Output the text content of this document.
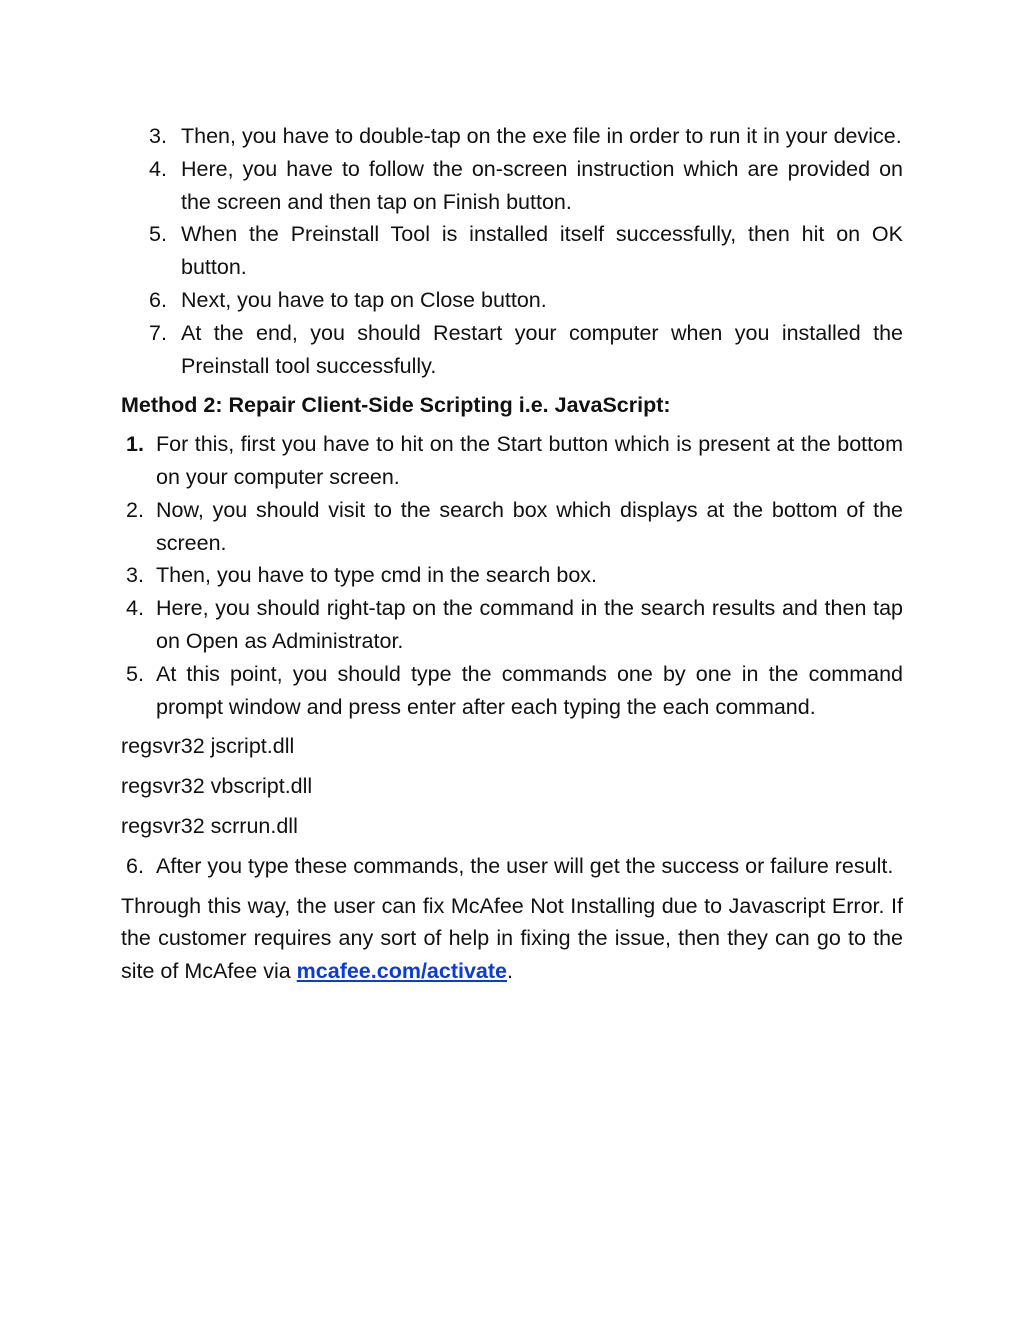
3. Then, you have to double-tap on the exe file in order to run it in your device.
4. Here, you have to follow the on-screen instruction which are provided on the screen and then tap on Finish button.
5. When the Preinstall Tool is installed itself successfully, then hit on OK button.
6. Next, you have to tap on Close button.
7. At the end, you should Restart your computer when you installed the Preinstall tool successfully.
Method 2: Repair Client-Side Scripting i.e. JavaScript:
1. For this, first you have to hit on the Start button which is present at the bottom on your computer screen.
2. Now, you should visit to the search box which displays at the bottom of the screen.
3. Then, you have to type cmd in the search box.
4. Here, you should right-tap on the command in the search results and then tap on Open as Administrator.
5. At this point, you should type the commands one by one in the command prompt window and press enter after each typing the each command.
regsvr32 jscript.dll
regsvr32 vbscript.dll
regsvr32 scrrun.dll
6. After you type these commands, the user will get the success or failure result.

Through this way, the user can fix McAfee Not Installing due to Javascript Error. If the customer requires any sort of help in fixing the issue, then they can go to the site of McAfee via mcafee.com/activate.
